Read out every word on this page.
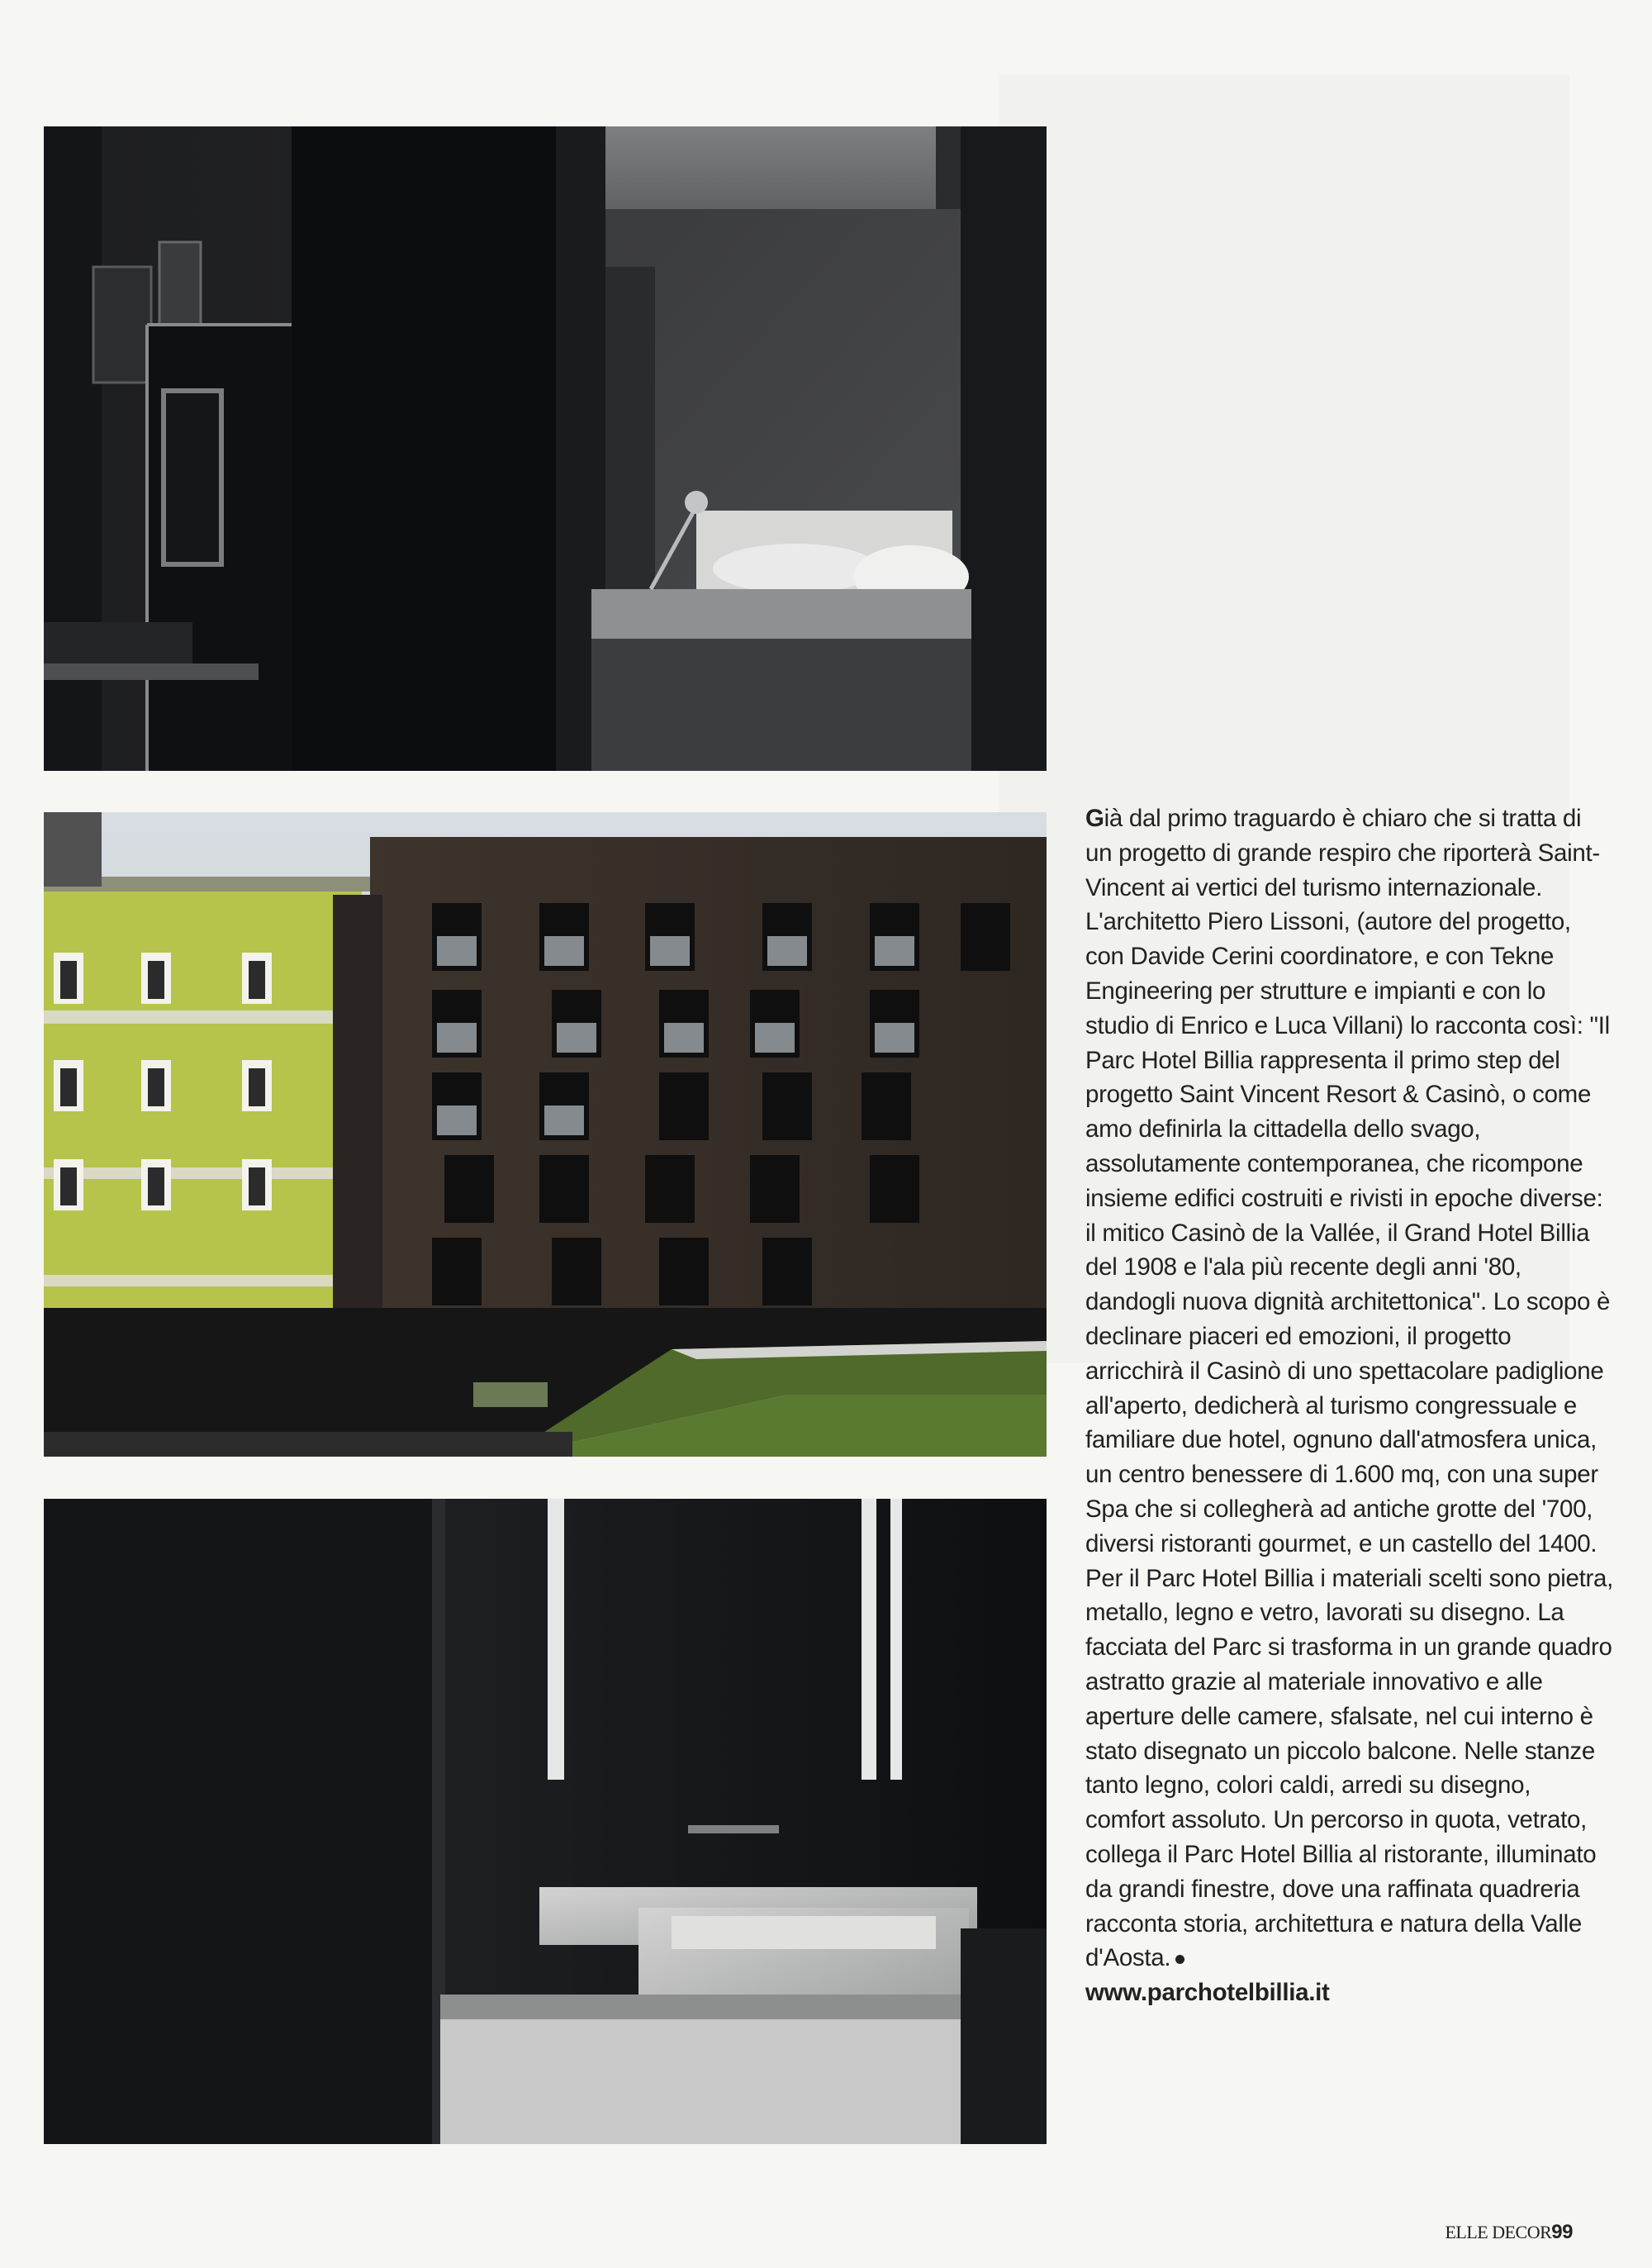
Già dal primo traguardo è chiaro che si tratta di un progetto di grande respiro che riporterà Saint-Vincent ai vertici del turismo internazionale. L'architetto Piero Lissoni, (autore del progetto, con Davide Cerini coordinatore, e con Tekne Engineering per strutture e impianti e con lo studio di Enrico e Luca Villani) lo racconta così: "Il Parc Hotel Billia rappresenta il primo step del progetto Saint Vincent Resort & Casinò, o come amo definirla la cittadella dello svago, assolutamente contemporanea, che ricompone insieme edifici costruiti e rivisti in epoche diverse: il mitico Casinò de la Vallée, il Grand Hotel Billia del 1908 e l'ala più recente degli anni '80, dandogli nuova dignità architettonica". Lo scopo è declinare piaceri ed emozioni, il progetto arricchirà il Casinò di uno spettacolare padiglione all'aperto, dedicherà al turismo congressuale e familiare due hotel, ognuno dall'atmosfera unica, un centro benessere di 1.600 mq, con una super Spa che si collegherà ad antiche grotte del '700, diversi ristoranti gourmet, e un castello del 1400. Per il Parc Hotel Billia i materiali scelti sono pietra, metallo, legno e vetro, lavorati su disegno. La facciata del Parc si trasforma in un grande quadro astratto grazie al materiale innovativo e alle aperture delle camere, sfalsate, nel cui interno è stato disegnato un piccolo balcone. Nelle stanze tanto legno, colori caldi, arredi su disegno, comfort assoluto. Un percorso in quota, vetrato, collega il Parc Hotel Billia al ristorante, illuminato da grandi finestre, dove una raffinata quadreria racconta storia, architettura e natura della Valle d'Aosta.

www.parchotelbillia.it
ELLE DECOR99
